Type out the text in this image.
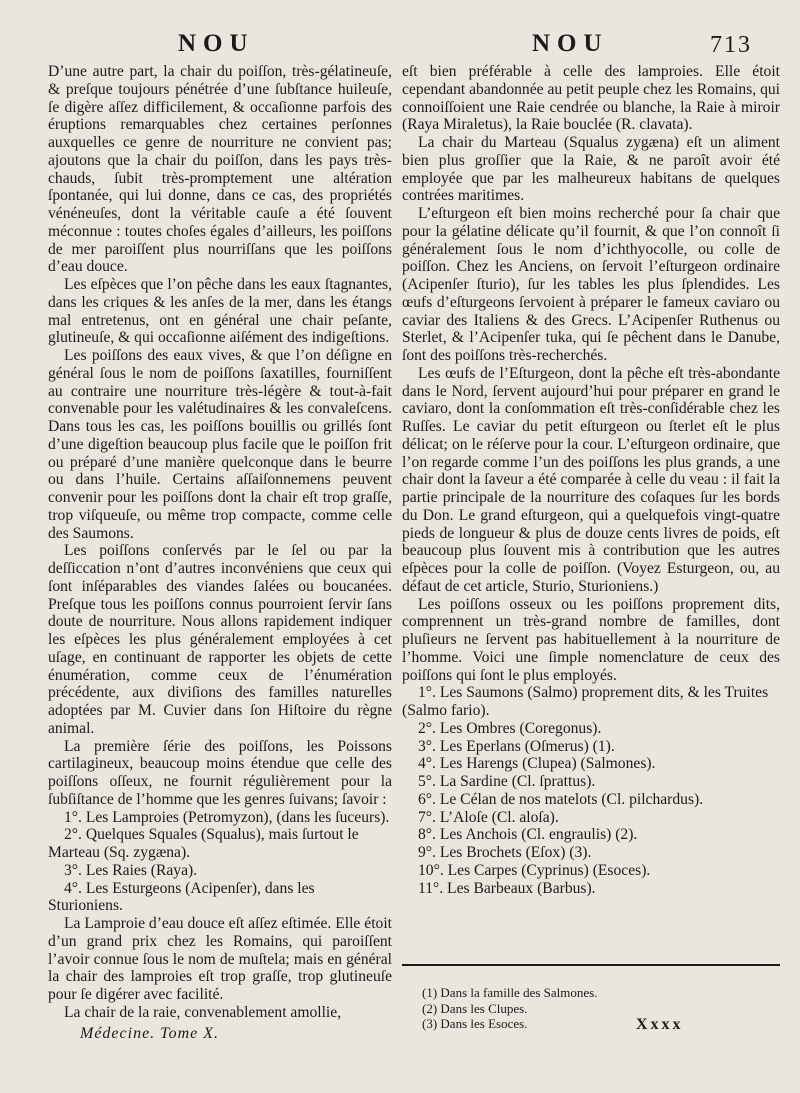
NOU	NOU	713

D’une autre part, la chair du poiſſon, très-gélatineuſe, & preſque toujours pénétrée d’une ſubſtance huileuſe, ſe digère aſſez difficilement, & occaſionne parfois des éruptions remarquables chez certaines perſonnes auxquelles ce genre de nourriture ne convient pas; ajoutons que la chair du poiſſon, dans les pays très-chauds, ſubit très-promptement une altération ſpontanée, qui lui donne, dans ce cas, des propriétés vénéneuſes, dont la véritable cauſe a été ſouvent méconnue : toutes choſes égales d’ailleurs, les poiſſons de mer paroiſſent plus nourriſſans que les poiſſons d’eau douce.

Les eſpèces que l’on pêche dans les eaux ſtagnantes, dans les criques & les anſes de la mer, dans les étangs mal entretenus, ont en général une chair peſante, glutineuſe, & qui occaſionne aiſément des indigeſtions.

Les poiſſons des eaux vives, & que l’on déſigne en général ſous le nom de poiſſons ſaxatilles, fourniſſent au contraire une nourriture très-légère & tout-à-fait convenable pour les valétudinaires & les convaleſcens. Dans tous les cas, les poiſſons bouillis ou grillés ſont d’une digeſtion beaucoup plus facile que le poiſſon frit ou préparé d’une manière quelconque dans le beurre ou dans l’huile. Certains aſſaiſonnemens peuvent convenir pour les poiſſons dont la chair eſt trop graſſe, trop viſqueuſe, ou même trop compacte, comme celle des Saumons.

Les poiſſons conſervés par le ſel ou par la deſſiccation n’ont d’autres inconvéniens que ceux qui ſont inſéparables des viandes ſalées ou boucanées. Preſque tous les poiſſons connus pourroient ſervir ſans doute de nourriture. Nous allons rapidement indiquer les eſpèces les plus généralement employées à cet uſage, en continuant de rapporter les objets de cette énumération, comme ceux de l’énumération précédente, aux diviſions des familles naturelles adoptées par M. Cuvier dans ſon Hiſtoire du règne animal.

La première ſérie des poiſſons, les Poissons cartilagineux, beaucoup moins étendue que celle des poiſſons oſſeux, ne fournit régulièrement pour la ſubſiſtance de l’homme que les genres ſuivans; ſavoir :

1°. Les Lamproies (Petromyzon), (dans les ſuceurs).

2°. Quelques Squales (Squalus), mais ſurtout le Marteau (Sq. zygæna).

3°. Les Raies (Raya).

4°. Les Esturgeons (Acipenſer), dans les Sturioniens.

La Lamproie d’eau douce eſt aſſez eſtimée. Elle étoit d’un grand prix chez les Romains, qui paroiſſent l’avoir connue ſous le nom de muſtela; mais en général la chair des lamproies eſt trop graſſe, trop glutineuſe pour ſe digérer avec facilité.

La chair de la raie, convenablement amollie,

eſt bien préférable à celle des lamproies. Elle étoit cependant abandonnée au petit peuple chez les Romains, qui connoiſſoient une Raie cendrée ou blanche, la Raie à miroir (Raya Miraletus), la Raie bouclée (R. clavata).

La chair du Marteau (Squalus zygæna) eſt un aliment bien plus groſſier que la Raie, & ne paroît avoir été employée que par les malheureux habitans de quelques contrées maritimes.

L’eſturgeon eſt bien moins recherché pour ſa chair que pour la gélatine délicate qu’il fournit, & que l’on connoît ſi généralement ſous le nom d’ichthyocolle, ou colle de poiſſon. Chez les Anciens, on ſervoit l’eſturgeon ordinaire (Acipenſer ſturio), ſur les tables les plus ſplendides. Les œufs d’eſturgeons ſervoient à préparer le fameux caviaro ou caviar des Italiens & des Grecs. L’Acipenſer Ruthenus ou Sterlet, & l’Acipenſer tuka, qui ſe pêchent dans le Danube, ſont des poiſſons très-recherchés.

Les œufs de l’Eſturgeon, dont la pêche eſt très-abondante dans le Nord, ſervent aujourd’hui pour préparer en grand le caviaro, dont la conſommation eſt très-conſidérable chez les Ruſſes. Le caviar du petit eſturgeon ou ſterlet eſt le plus délicat; on le réſerve pour la cour. L’eſturgeon ordinaire, que l’on regarde comme l’un des poiſſons les plus grands, a une chair dont la ſaveur a été comparée à celle du veau : il fait la partie principale de la nourriture des coſaques ſur les bords du Don. Le grand eſturgeon, qui a quelquefois vingt-quatre pieds de longueur & plus de douze cents livres de poids, eſt beaucoup plus ſouvent mis à contribution que les autres eſpèces pour la colle de poiſſon. (Voyez Esturgeon, ou, au défaut de cet article, Sturio, Sturioniens.)

Les poiſſons osseux ou les poiſſons proprement dits, comprennent un très-grand nombre de familles, dont pluſieurs ne ſervent pas habituellement à la nourriture de l’homme. Voici une ſimple nomenclature de ceux des poiſſons qui ſont le plus employés.

1°. Les Saumons (Salmo) proprement dits, & les Truites (Salmo fario).

2°. Les Ombres (Coregonus).

3°. Les Eperlans (Oſmerus) (1).

4°. Les Harengs (Clupea) (Salmones).

5°. La Sardine (Cl. ſprattus).

6°. Le Célan de nos matelots (Cl. pilchardus).

7°. L’Aloſe (Cl. aloſa).

8°. Les Anchois (Cl. engraulis) (2).

9°. Les Brochets (Eſox) (3).

10°. Les Carpes (Cyprinus) (Esoces).

11°. Les Barbeaux (Barbus).

(1) Dans la famille des Salmones.
(2) Dans les Clupes.
(3) Dans les Esoces.
Médecine. Tome X.
Xxxx
